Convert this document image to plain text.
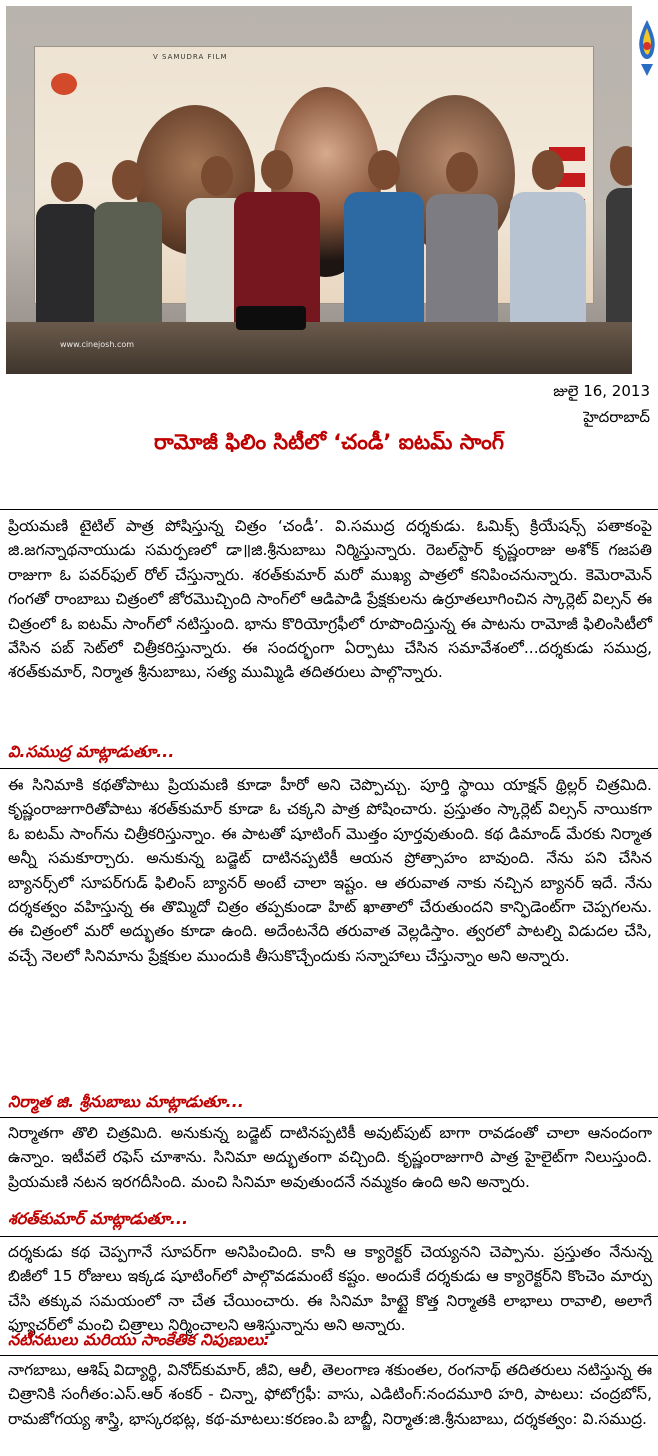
V SAMUDRA FILM
www.cinejosh.com
జులై 16, 2013
హైదరాబాద్
రామోజీ ఫిలిం సిటీలో ‘చండీ’ ఐటమ్ సాంగ్
ప్రియమణి టైటిల్ పాత్ర పోషిస్తున్న చిత్రం ‘చండీ’. వి.సముద్ర దర్శకుడు. ఓమిక్స్ క్రియేషన్స్ పతాకంపై జి.జగన్నాథనాయుడు సమర్పణలో డా॥జి.శ్రీనుబాబు నిర్మిస్తున్నారు. రెబల్‌స్టార్ కృష్ణంరాజు అశోక్ గజపతి రాజుగా ఓ పవర్‌ఫుల్ రోల్ చేస్తున్నారు. శరత్‌కుమార్ మరో ముఖ్య పాత్రలో కనిపించనున్నారు. కెమెరామెన్ గంగతో రాంబాబు చిత్రంలో జోరమొచ్చింది సాంగ్‌లో ఆడిపాడి ప్రేక్షకులను ఉర్రూతలూగించిన స్కార్లెట్ విల్సన్ ఈ చిత్రంలో ఓ ఐటమ్ సాంగ్‌లో నటిస్తుంది. భాను కొరియోగ్రఫీలో రూపొందిస్తున్న ఈ పాటను రామోజీ ఫిలింసిటీలో వేసిన పబ్ సెట్‌లో చిత్రీకరిస్తున్నారు. ఈ సందర్భంగా ఏర్పాటు చేసిన సమావేశంలో...దర్శకుడు సముద్ర, శరత్‌కుమార్, నిర్మాత శ్రీనుబాబు, సత్య ముమ్మిడి తదితరులు పాల్గొన్నారు.
వి.సముద్ర మాట్లాడుతూ...
ఈ సినిమాకి కథతోపాటు ప్రియమణి కూడా హీరో అని చెప్పొచ్చు. పూర్తి స్థాయి యాక్షన్ థ్రిల్లర్ చిత్రమిది. కృష్ణంరాజుగారితోపాటు శరత్‌కుమార్ కూడా ఓ చక్కని పాత్ర పోషించారు. ప్రస్తుతం స్కార్లెట్ విల్సన్ నాయికగా ఓ ఐటమ్ సాంగ్‌ను చిత్రీకరిస్తున్నాం. ఈ పాటతో షూటింగ్ మొత్తం పూర్తవుతుంది. కథ డిమాండ్ మేరకు నిర్మాత అన్నీ సమకూర్చారు. అనుకున్న బడ్జెట్ దాటినప్పటికీ ఆయన ప్రోత్సాహం బావుంది. నేను పని చేసిన బ్యానర్స్‌లో సూపర్‌గుడ్ ఫిలింస్ బ్యానర్ అంటే చాలా ఇష్టం. ఆ తరువాత నాకు నచ్చిన బ్యానర్ ఇదే. నేను దర్శకత్వం వహిస్తున్న ఈ తొమ్మిదో చిత్రం తప్పకుండా హిట్ ఖాతాలో చేరుతుందని కాన్ఫిడెంట్‌గా చెప్పగలను. ఈ చిత్రంలో మరో అద్భుతం కూడా ఉంది. అదేంటనేది తరువాత వెల్లడిస్తాం. త్వరలో పాటల్ని విడుదల చేసి, వచ్చే నెలలో సినిమాను ప్రేక్షకుల ముందుకి తీసుకొచ్చేందుకు సన్నాహాలు చేస్తున్నాం అని అన్నారు.
నిర్మాత జి. శ్రీనుబాబు మాట్లాడుతూ...
నిర్మాతగా తొలి చిత్రమిది. అనుకున్న బడ్జెట్ దాటినప్పటికీ అవుట్‌పుట్ బాగా రావడంతో చాలా ఆనందంగా ఉన్నాం. ఇటీవలే రఫెస్ చూశాను. సినిమా అద్భుతంగా వచ్చింది. కృష్ణంరాజుగారి పాత్ర హైలైట్‌గా నిలుస్తుంది. ప్రియమణి నటన ఇరగదీసింది. మంచి సినిమా అవుతుందనే నమ్మకం ఉంది అని అన్నారు.
శరత్‌కుమార్ మాట్లాడుతూ...
దర్శకుడు కథ చెప్పగానే సూపర్‌గా అనిపించింది. కానీ ఆ క్యారెక్టర్ చెయ్యనని చెప్పాను. ప్రస్తుతం నేనున్న బిజీలో 15 రోజులు ఇక్కడ షూటింగ్‌లో పాల్గొవడమంటే కష్టం. అందుకే దర్శకుడు ఆ క్యారెక్టర్‌ని కొంచెం మార్పు చేసి తక్కువ సమయంలో నా చేత చేయించారు. ఈ సినిమా హిట్టై కొత్త నిర్మాతకి లాభాలు రావాలి, అలాగే ఫ్యూచర్‌లో మంచి చిత్రాలు నిర్మించాలని ఆశిస్తున్నాను అని అన్నారు.
నటీనటులు మరియు సాంకేతిక నిపుణులు:
నాగబాబు, ఆశిష్ విద్యార్థి, వినోద్‌కుమార్, జీవి, ఆలీ, తెలంగాణ శకుంతల, రంగనాథ్ తదితరులు నటిస్తున్న ఈ చిత్రానికి సంగీతం:ఎస్.ఆర్ శంకర్ - చిన్నా, ఫోటోగ్రఫీ: వాసు, ఎడిటింగ్:నందమూరి హరి, పాటలు: చంద్రబోస్, రామజోగయ్య శాస్త్రి, భాస్కరభట్ల, కథ-మాటలు:కరణం.పి బాబ్జీ, నిర్మాత:జి.శ్రీనుబాబు, దర్శకత్వం: వి.సముద్ర.
